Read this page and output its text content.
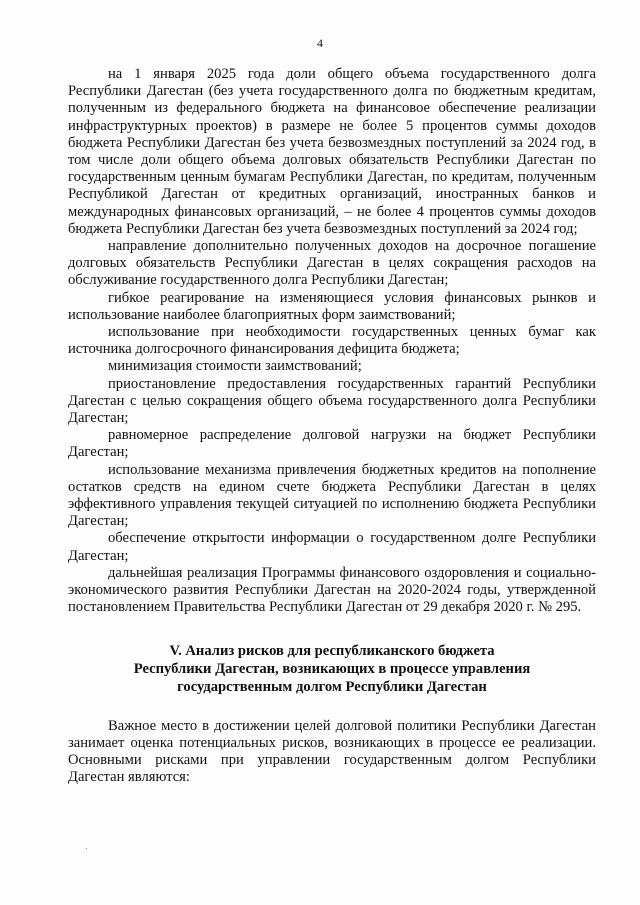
4

на 1 января 2025 года доли общего объема государственного долга Республики Дагестан (без учета государственного долга по бюджетным кредитам, полученным из федерального бюджета на финансовое обеспечение реализации инфраструктурных проектов) в размере не более 5 процентов суммы доходов бюджета Республики Дагестан без учета безвозмездных поступлений за 2024 год, в том числе доли общего объема долговых обязательств Республики Дагестан по государственным ценным бумагам Республики Дагестан, по кредитам, полученным Республикой Дагестан от кредитных организаций, иностранных банков и международных финансовых организаций, – не более 4 процентов суммы доходов бюджета Республики Дагестан без учета безвозмездных поступлений за 2024 год;

направление дополнительно полученных доходов на досрочное погашение долговых обязательств Республики Дагестан в целях сокращения расходов на обслуживание государственного долга Республики Дагестан;

гибкое реагирование на изменяющиеся условия финансовых рынков и использование наиболее благоприятных форм заимствований;

использование при необходимости государственных ценных бумаг как источника долгосрочного финансирования дефицита бюджета;

минимизация стоимости заимствований;

приостановление предоставления государственных гарантий Республики Дагестан с целью сокращения общего объема государственного долга Республики Дагестан;

равномерное распределение долговой нагрузки на бюджет Республики Дагестан;

использование механизма привлечения бюджетных кредитов на пополнение остатков средств на едином счете бюджета Республики Дагестан в целях эффективного управления текущей ситуацией по исполнению бюджета Республики Дагестан;

обеспечение открытости информации о государственном долге Республики Дагестан;

дальнейшая реализация Программы финансового оздоровления и социально-экономического развития Республики Дагестан на 2020-2024 годы, утвержденной постановлением Правительства Республики Дагестан от 29 декабря 2020 г. № 295.

V. Анализ рисков для республиканского бюджета
Республики Дагестан, возникающих в процессе управления
государственным долгом Республики Дагестан

Важное место в достижении целей долговой политики Республики Дагестан занимает оценка потенциальных рисков, возникающих в процессе ее реализации. Основными рисками при управлении государственным долгом Республики Дагестан являются:
